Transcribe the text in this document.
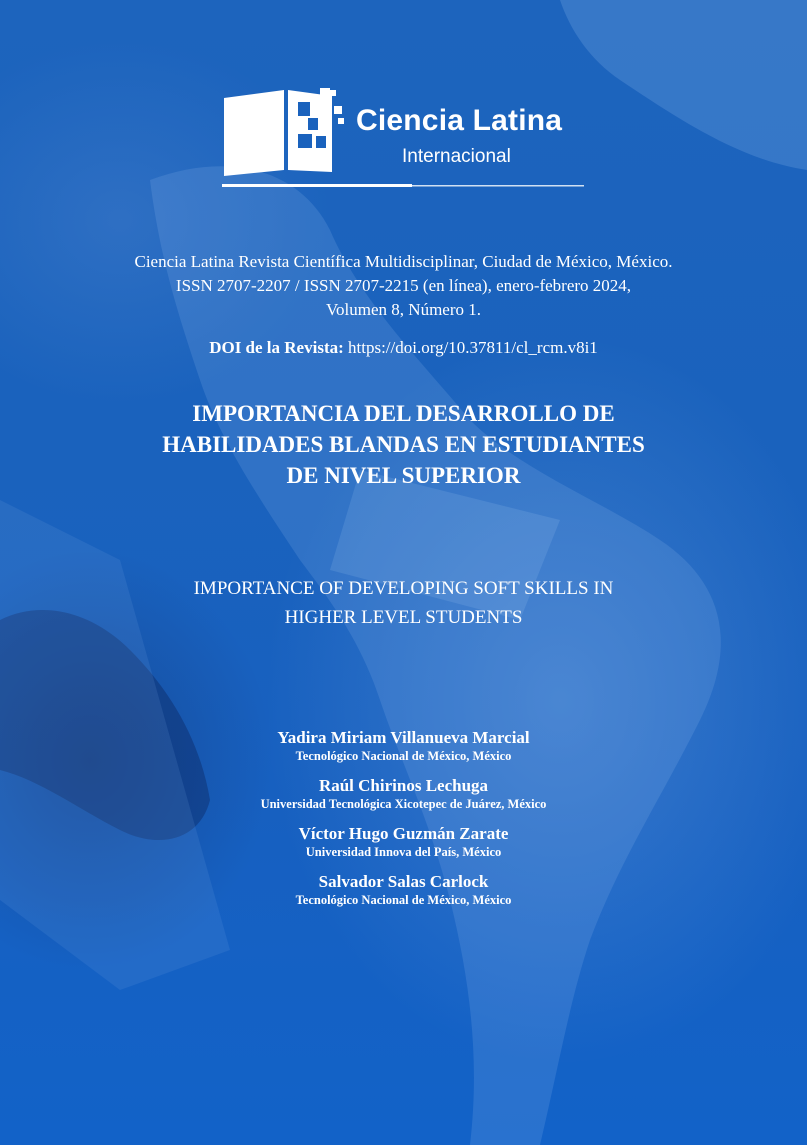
Ciencia Latina
Internacional
Ciencia Latina Revista Científica Multidisciplinar, Ciudad de México, México.
ISSN 2707-2207 / ISSN 2707-2215 (en línea), enero-febrero 2024,
Volumen 8, Número 1.
DOI de la Revista: https://doi.org/10.37811/cl_rcm.v8i1
IMPORTANCIA DEL DESARROLLO DE
HABILIDADES BLANDAS EN ESTUDIANTES
DE NIVEL SUPERIOR
IMPORTANCE OF DEVELOPING SOFT SKILLS IN
HIGHER LEVEL STUDENTS
Yadira Miriam Villanueva Marcial
Tecnológico Nacional de México, México
Raúl Chirinos Lechuga
Universidad Tecnológica Xicotepec de Juárez, México
Víctor Hugo Guzmán Zarate
Universidad Innova del País, México
Salvador Salas Carlock
Tecnológico Nacional de México, México
